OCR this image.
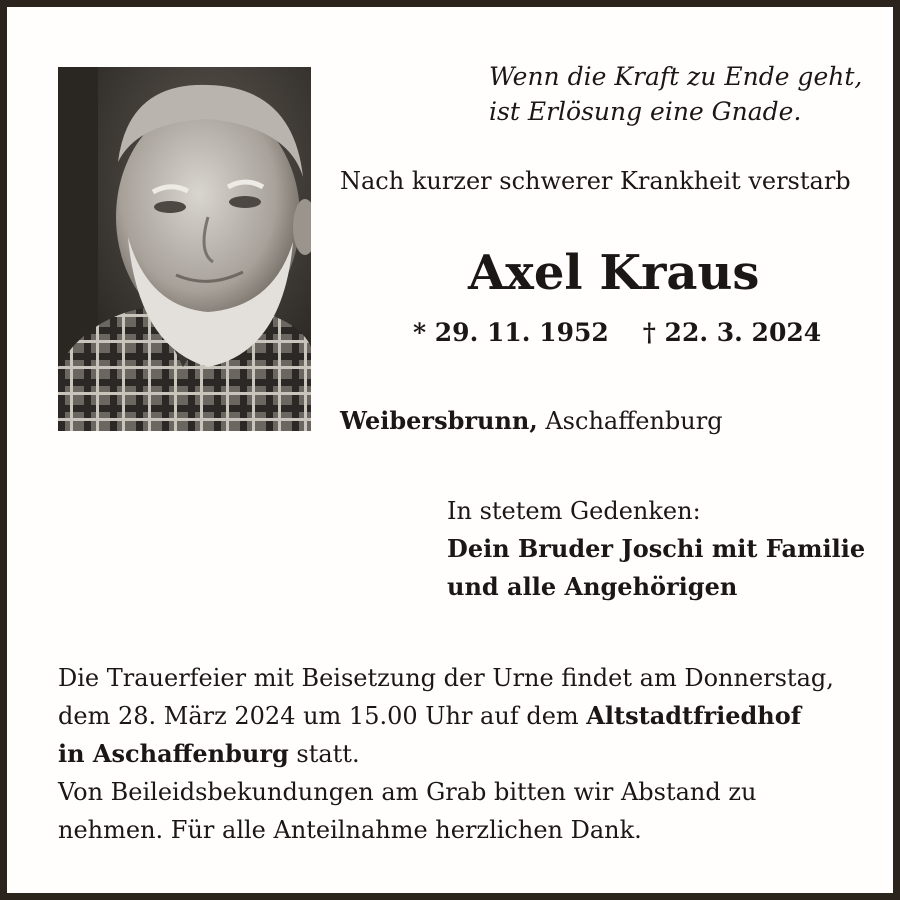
Wenn die Kraft zu Ende geht,
ist Erlösung eine Gnade.
Nach kurzer schwerer Krankheit verstarb
Axel Kraus
* 29. 11. 1952 † 22. 3. 2024
Weibersbrunn, Aschaffenburg
In stetem Gedenken:
Dein Bruder Joschi mit Familie
und alle Angehörigen
Die Trauerfeier mit Beisetzung der Urne findet am Donnerstag,
dem 28. März 2024 um 15.00 Uhr auf dem Altstadtfriedhof
in Aschaffenburg statt.
Von Beileidsbekundungen am Grab bitten wir Abstand zu
nehmen. Für alle Anteilnahme herzlichen Dank.
